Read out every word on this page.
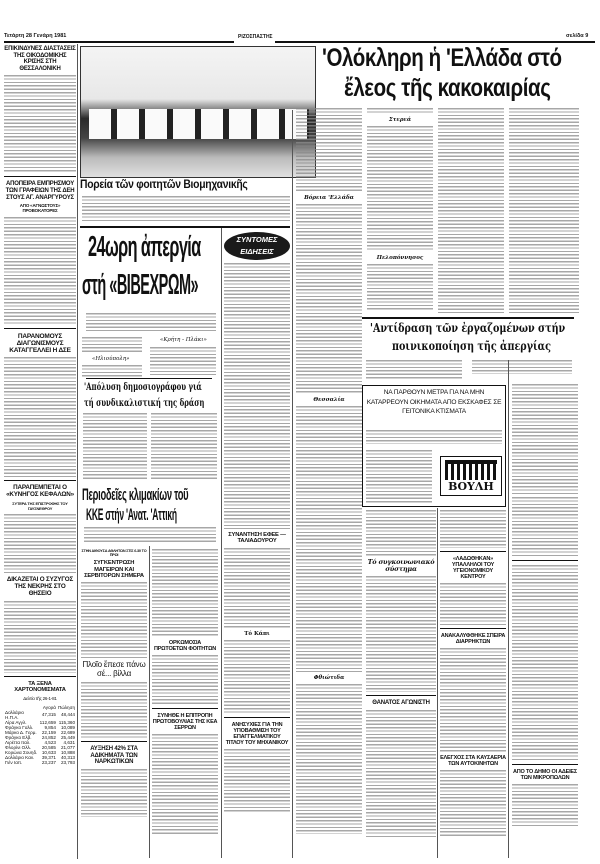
Τετάρτη 28 Γενάρη 1981	ΡΙΖΟΣΠΑΣΤΗΣ	σελίδα 9
ΕΠΙΚΙΝΔΥΝΕΣ ΔΙΑΣΤΑΣΕΙΣ ΤΗΣ ΟΙΚΟΔΟΜΙΚΗΣ ΚΡΙΣΗΣ ΣΤΗ ΘΕΣΣΑΛΟΝΙΚΗ
ΑΠΟΠΕΙΡΑ ΕΜΠΡΗΣΜΟΥ ΤΩΝ ΓΡΑΦΕΙΩΝ ΤΗΣ ΔΕΗ ΣΤΟΥΣ ΑΓ. ΑΝΑΡΓΥΡΟΥΣ
ΑΠΟ «ΑΓΝΩΣΤΟΥΣ» ΠΡΟΒΟΚΑΤΟΡΕΣ
ΠΑΡΑΝΟΜΟΥΣ ΔΙΑΓΩΝΙΣΜΟΥΣ ΚΑΤΑΓΓΕΛΛΕΙ Η ΔΣΕ
ΠΑΡΑΠΕΜΠΕΤΑΙ Ο «ΚΥΝΗΓΟΣ ΚΕΦΑΛΩΝ»
ΣΥΤΕΡΑ ΤΗΣ ΕΠΙΣΤΡΟΦΗΣ ΤΟΥ ΓΑΥΣΝΕΘΡΟΥ
ΔΙΚΑΖΕΤΑΙ Ο ΣΥΖΥΓΟΣ ΤΗΣ ΝΕΚΡΗΣ ΣΤΟ ΘΗΣΕΙΟ
ΤΑ ΞΕΝΑ ΧΑΡΤΟΝΟΜΙΣΜΑΤΑ
Δελτίο τῆς 26-1-81
	Αγορά	Πώληση
Δολλάριο Η.Π.Α.	47,315	48,444
Λίρα Αγγλ.	112,659	115,360
Φράγκο Γαλλ.	9,854	10,089
Μάρκο Δ. Γερμ.	22,159	22,689
Φράγκο Ελβ.	24,852	25,449
Λιρέττα Ιταλ.	4,523	4,631
Φλορίνι Ολλ.	20,585	21,077
Κορώνα Σουηδ.	10,633	10,888
Δολλάριο Καν.	39,371	40,313
Γιέν Ιαπ.	23,237	23,793
Πορεία τῶν φοιτητῶν Βιομηχανικῆς
24ωρη ἀπεργία
στή «ΒΙΒΕΧΡΩΜ»
«Ηλιούπολη»
«Κρήτη - Πλάκι»
'Απόλυση δημοσιογράφου γιά
τή συνδικαλιστική της δράση
Περιοδεῖες κλιμακίων τοῦ
ΚΚΕ στήν 'Ανατ. 'Αττική
ΣΤΗΝ ΑΙΘΟΥΣΑ ΑΘΛΗΤΩΝ ΣΤΙΣ 6.30 ΤΟ ΠΡΩΙ
ΣΥΓΚΕΝΤΡΩΣΗ ΜΑΓΕΙΡΩΝ ΚΑΙ ΣΕΡΒΙΤΟΡΩΝ ΣΗΜΕΡΑ
Πλοῖο ἔπεσε πάνω σέ... βίλλα
ΑΥΞΗΣΗ 42% ΣΤΑ ΑΔΙΚΗΜΑΤΑ ΤΩΝ ΝΑΡΚΩΤΙΚΩΝ
ΟΡΚΩΜΟΣΙΑ ΠΡΩΤΟΕΤΩΝ ΦΟΙΤΗΤΩΝ
ΣΥΝΗΘΕ Η ΕΠΙΤΡΟΠΗ ΠΡΩΤΟΒΟΥΛΙΑΣ ΤΗΣ ΚΕΑ ΣΕΡΡΩΝ
ΣΥΝΤΟΜΕΣ
ΕΙΔΗΣΕΙΣ
ΣΥΝΑΝΤΗΣΗ ΕΦΕΕ — ΤΑΛΙΑΔΟΥΡΟΥ
Τό Κάπι
ΑΝΗΣΥΧΙΕΣ ΓΙΑ ΤΗΝ ΥΠΟΒΑΘΜΙΣΗ ΤΟΥ ΕΠΑΓΓΕΛΜΑΤΙΚΟΥ ΤΙΤΛΟΥ ΤΟΥ ΜΗΧΑΝΙΚΟΥ
'Ολόκληρη ἡ 'Ελλάδα στό
ἔλεος τῆς κακοκαιρίας
Βόρεια 'Ελλάδα
Θεσσαλία
Φθιώτιδα
Στερεά
Πελοπόννησος
'Αντίδραση τῶν ἐργαζομένων στήν
ποινικοποίηση τῆς ἀπεργίας
ΝΑ ΠΑΡΘΟΥΝ ΜΕΤΡΑ ΓΙΑ ΝΑ ΜΗΝ ΚΑΤΑΡΡΕΟΥΝ ΟΙΚΗΜΑΤΑ ΑΠΟ ΕΚΣΚΑΦΕΣ ΣΕ ΓΕΙΤΟΝΙΚΑ ΚΤΙΣΜΑΤΑ
ΒΟΥΛΗ
Τό συγκοινωνιακό σύστημα
ΘΑΝΑΤΟΣ ΑΓΩΝΙΣΤΗ
«ΛΑΔΩΘΗΚΑΝ» ΥΠΑΛΛΗΛΟΙ ΤΟΥ ΥΓΕΙΟΝΟΜΙΚΟΥ ΚΕΝΤΡΟΥ
ΑΝΑΚΑΛΥΦΘΗΚΕ ΣΠΕΙΡΑ ΔΙΑΡΡΗΚΤΩΝ
ΕΛΕΓΧΟΣ ΣΤΑ ΚΑΥΣΑΕΡΙΑ ΤΩΝ ΑΥΤΟΚΙΝΗΤΩΝ
ΑΠΟ ΤΟ ΔΗΜΟ ΟΙ ΑΔΕΙΕΣ ΤΩΝ ΜΙΚΡΟΠΩΛΩΝ
